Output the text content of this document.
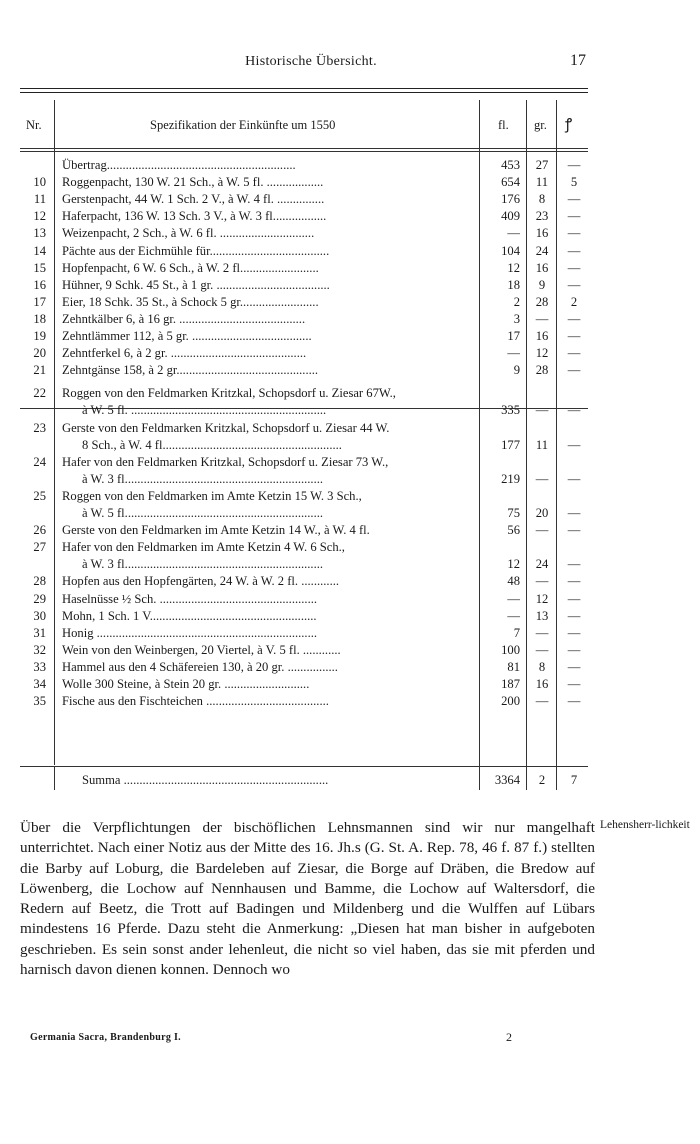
Historische Übersicht.	17
Nr.	Spezifikation der Einkünfte um 1550	fl. gr. ꝭ
Übertrag............................................................	453 27 —
10 Roggenpacht, 130 W. 21 Sch., à W. 5 fl. ..................	654	11	5
11 Gerstenpacht, 44 W. 1 Sch. 2 V., à W. 4 fl. ...............	176	8	—
12 Haferpacht, 136 W. 13 Sch. 3 V., à W. 3 fl.................	409 23 —
13 Weizenpacht, 2 Sch., à W. 6 fl. ..............................	— 16 —
14 Pächte aus der Eichmühle für......................................	104 24 —
15 Hopfenpacht, 6 W. 6 Sch., à W. 2 fl.........................	12 16 —
16 Hühner, 9 Schk. 45 St., à 1 gr. ....................................	18	9	—
17 Eier, 18 Schk. 35 St., à Schock 5 gr.........................	2 28	2
18 Zehntkälber 6, à 16 gr. ........................................	3 — —
19 Zehntlämmer 112, à 5 gr. ......................................	17 16 —
20 Zehntferkel 6, à 2 gr. ...........................................	— 12 —
21 Zehntgänse 158, à 2 gr.............................................	9 28 —
22 Roggen von den Feldmarken Kritzkal, Schopsdorf u. Ziesar 67W.,
à W. 5 fl. ..............................................................	335 — —
23 Gerste von den Feldmarken Kritzkal, Schopsdorf u. Ziesar 44 W.
8 Sch., à W. 4 fl.........................................................	177	11	—
24 Hafer von den Feldmarken Kritzkal, Schopsdorf u. Ziesar 73 W.,
à W. 3 fl...............................................................	219 — —
25 Roggen von den Feldmarken im Amte Ketzin 15 W. 3 Sch.,
à W. 5 fl...............................................................	75 20 —
26 Gerste von den Feldmarken im Amte Ketzin 14 W., à W. 4 fl.	56 — —
27 Hafer von den Feldmarken im Amte Ketzin 4 W. 6 Sch.,
à W. 3 fl...............................................................	12 24 —
28 Hopfen aus den Hopfengärten, 24 W. à W. 2 fl. ............	48 — —
29 Haselnüsse ½ Sch. ..................................................	— 12 —
30 Mohn, 1 Sch. 1 V.....................................................	— 13 —
31 Honig ......................................................................	7 — —
32 Wein von den Weinbergen, 20 Viertel, à V. 5 fl. ............	100 — —
33 Hammel aus den 4 Schäfereien 130, à 20 gr. ................	81	8	—
34 Wolle 300 Steine, à Stein 20 gr. ...........................	187 16 —
35 Fische aus den Fischteichen .......................................	200 — —
Summa .................................................................	3364	2	7
Lehensherr-lichkeit

Über die Verpflichtungen der bischöflichen Lehnsmannen sind wir nur mangelhaft unterrichtet. Nach einer Notiz aus der Mitte des 16. Jh.s (G. St. A. Rep. 78, 46 f. 87 f.) stellten die Barby auf Loburg, die Bardeleben auf Ziesar, die Borge auf Dräben, die Bredow auf Löwenberg, die Lochow auf Nennhausen und Bamme, die Lochow auf Waltersdorf, die Redern auf Beetz, die Trott auf Badingen und Mildenberg und die Wulffen auf Lübars mindestens 16 Pferde. Dazu steht die Anmerkung: „Diesen hat man bisher in aufgeboten geschrieben. Es sein sonst ander lehenleut, die nicht so viel haben, das sie mit pferden und harnisch davon dienen konnen. Dennoch wo

Germania Sacra, Brandenburg I.	2
